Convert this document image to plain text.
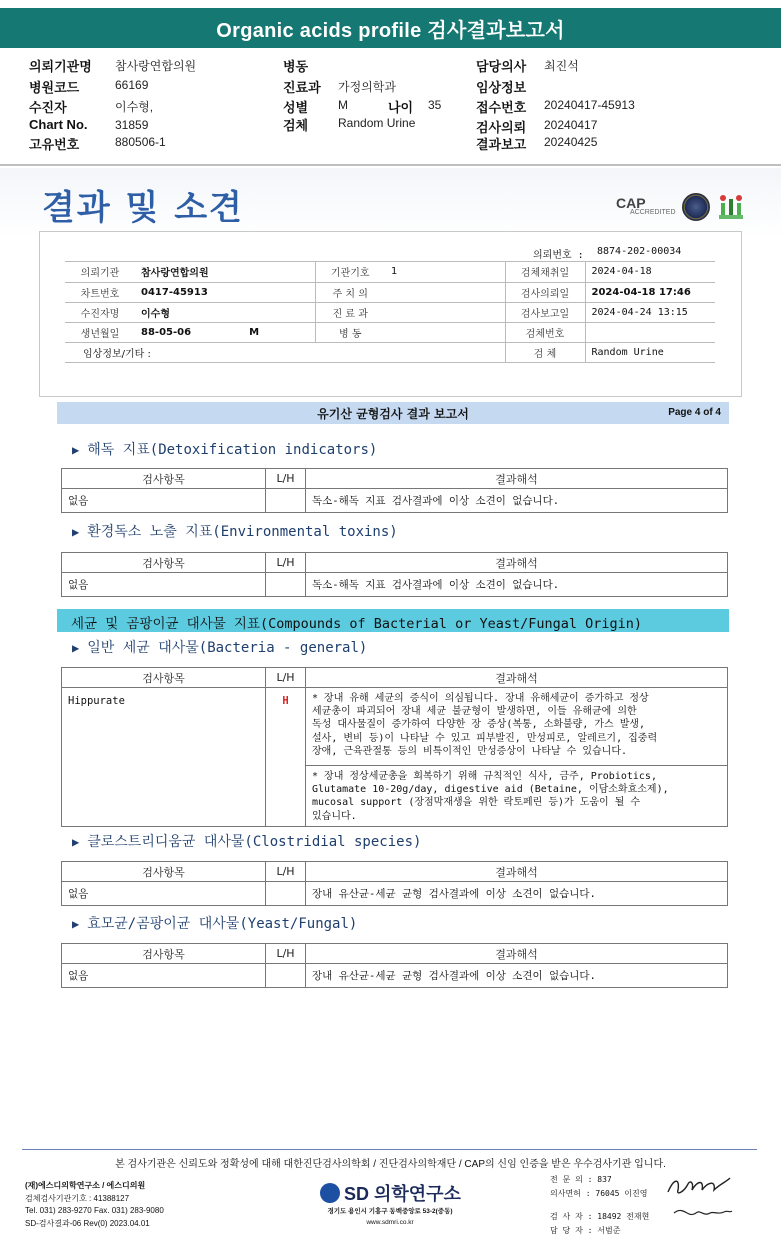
Organic acids profile 검사결과보고서
의뢰기관명 참사랑연합의원
병원코드	66169
수진자	이수형,
Chart No. 31859
고유번호	880506-1
병동
진료과 가정의학과
성별 M	나이 35
검체 Random Urine
담당의사 최진석
임상정보
접수번호 20240417-45913
검사의뢰 20240417
결과보고 20240425
결과 및 소견	CAP
ACCREDITED
의뢰번호 : 8874-202-00034
의뢰기관	참사랑연합의원	기관기호	1	검체채취일	2024-04-18
차트번호	0417-45913	주 치 의		검사의뢰일	2024-04-18 17:46
수진자명	이수형	진 료 과		검사보고일	2024-04-24 13:15
생년월일	88-05-06 M	병 동		검체번호	
임상정보/기타 :				검 체	Random Urine
유기산 균형검사 결과 보고서	Page 4 of 4
▶ 해독 지표(Detoxification indicators)
검사항목	L/H	결과해석
없음		독소-해독 지표 검사결과에 이상 소견이 없습니다.
▶ 환경독소 노출 지표(Environmental toxins)
검사항목	L/H	결과해석
없음		독소-해독 지표 검사결과에 이상 소견이 없습니다.
세균 및 곰팡이균 대사물 지표(Compounds of Bacterial or Yeast/Fungal Origin)
▶ 일반 세균 대사물(Bacteria - general)
검사항목	L/H	결과해석
Hippurate	H	* 장내 유해 세균의 증식이 의심됩니다. 장내 유해세균이 증가하고 정상
세균총이 파괴되어 장내 세균 불균형이 발생하면, 이들 유해균에 의한
독성 대사물질이 증가하여 다양한 장 증상(복통, 소화불량, 가스 발생,
설사, 변비 등)이 나타날 수 있고 피부발진, 만성피로, 알레르기, 집중력
장애, 근육관절통 등의 비특이적인 만성증상이 나타날 수 있습니다.

		* 장내 정상세균총을 회복하기 위해 규칙적인 식사, 금주, Probiotics,
Glutamate 10-20g/day, digestive aid (Betaine, 이담소화효소제),
mucosal support (장점막재생을 위한 락토페린 등)가 도움이 될 수
있습니다.
▶ 클로스트리디움균 대사물(Clostridial species)
검사항목	L/H	결과해석
없음		장내 유산균-세균 균형 검사결과에 이상 소견이 없습니다.
▶ 효모균/곰팡이균 대사물(Yeast/Fungal)
검사항목	L/H	결과해석
없음		장내 유산균-세균 균형 검사결과에 이상 소견이 없습니다.
본 검사기관은 신뢰도와 정확성에 대해 대한진단검사의학회 / 진단검사의학재단 / CAP의 신임 인증을 받은 우수검사기관 입니다.
(재)에스디의학연구소 / 에스디의원
검체검사기관기호 : 41388127
Tel. 031) 283-9270 Fax. 031) 283-9080
SD-검사결과-06 Rev(0) 2023.04.01
SD 의학연구소
경기도 용인시 기흥구 동백중앙로 53-2(중동)
www.sdmri.co.kr
전 문 의 : 837
의사면허 : 76045 이진영
검 사 자 : 18492 전재현
담 당 자 : 서범준
